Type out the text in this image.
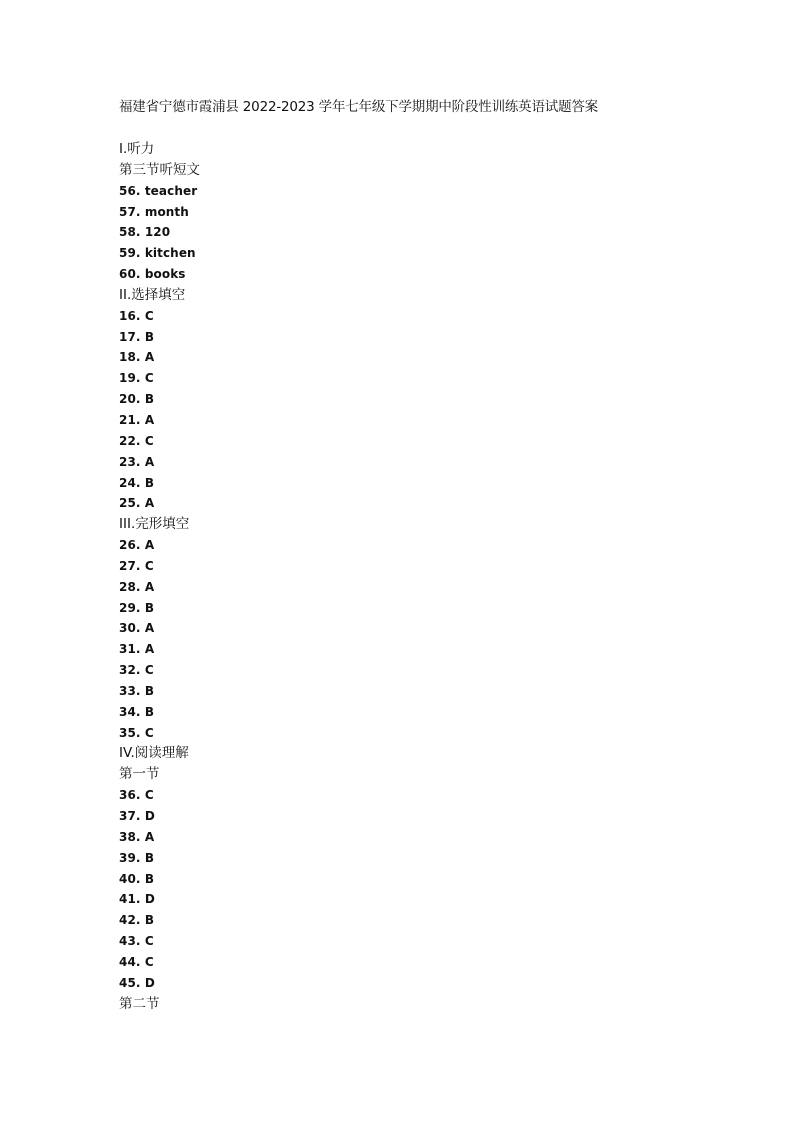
福建省宁德市霞浦县 2022-2023 学年七年级下学期期中阶段性训练英语试题答案
I.听力
第三节听短文
56. teacher
57. month
58. 120
59. kitchen
60. books
II.选择填空
16. C
17. B
18. A
19. C
20. B
21. A
22. C
23. A
24. B
25. A
III.完形填空
26. A
27. C
28. A
29. B
30. A
31. A
32. C
33. B
34. B
35. C
IV.阅读理解
第一节
36. C
37. D
38. A
39. B
40. B
41. D
42. B
43. C
44. C
45. D
第二节
